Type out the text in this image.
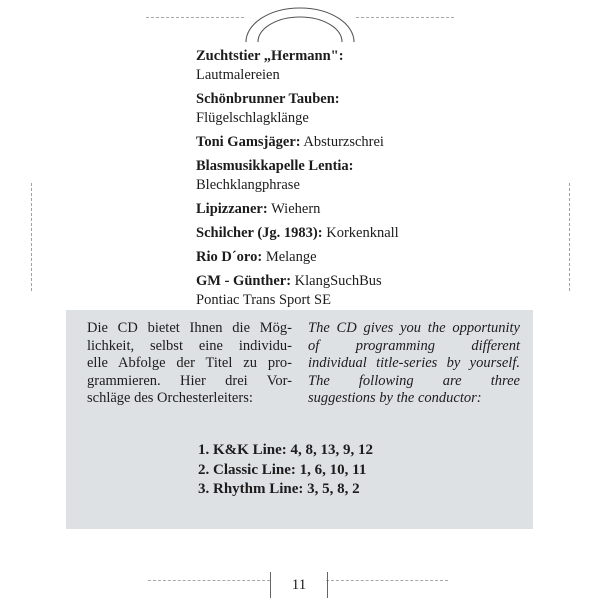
Zuchtstier „Hermann":
Lautmalereien
Schönbrunner Tauben:
Flügelschlagklänge
Toni Gamsjäger: Absturzschrei
Blasmusikkapelle Lentia:
Blechklangphrase
Lipizzaner: Wiehern
Schilcher (Jg. 1983): Korkenknall
Rio D´oro: Melange
GM - Günther: KlangSuchBus
Pontiac Trans Sport SE

Die CD bietet Ihnen die Mög-
lichkeit, selbst eine individu-
elle Abfolge der Titel zu pro-
grammieren. Hier drei Vor-
schläge des Orchesterleiters:

The CD gives you the opportunity
of programming different
individual title-series by yourself.
The following are three
suggestions by the conductor:

1. K&K Line: 4, 8, 13, 9, 12
2. Classic Line: 1, 6, 10, 11
3. Rhythm Line: 3, 5, 8, 2
11
